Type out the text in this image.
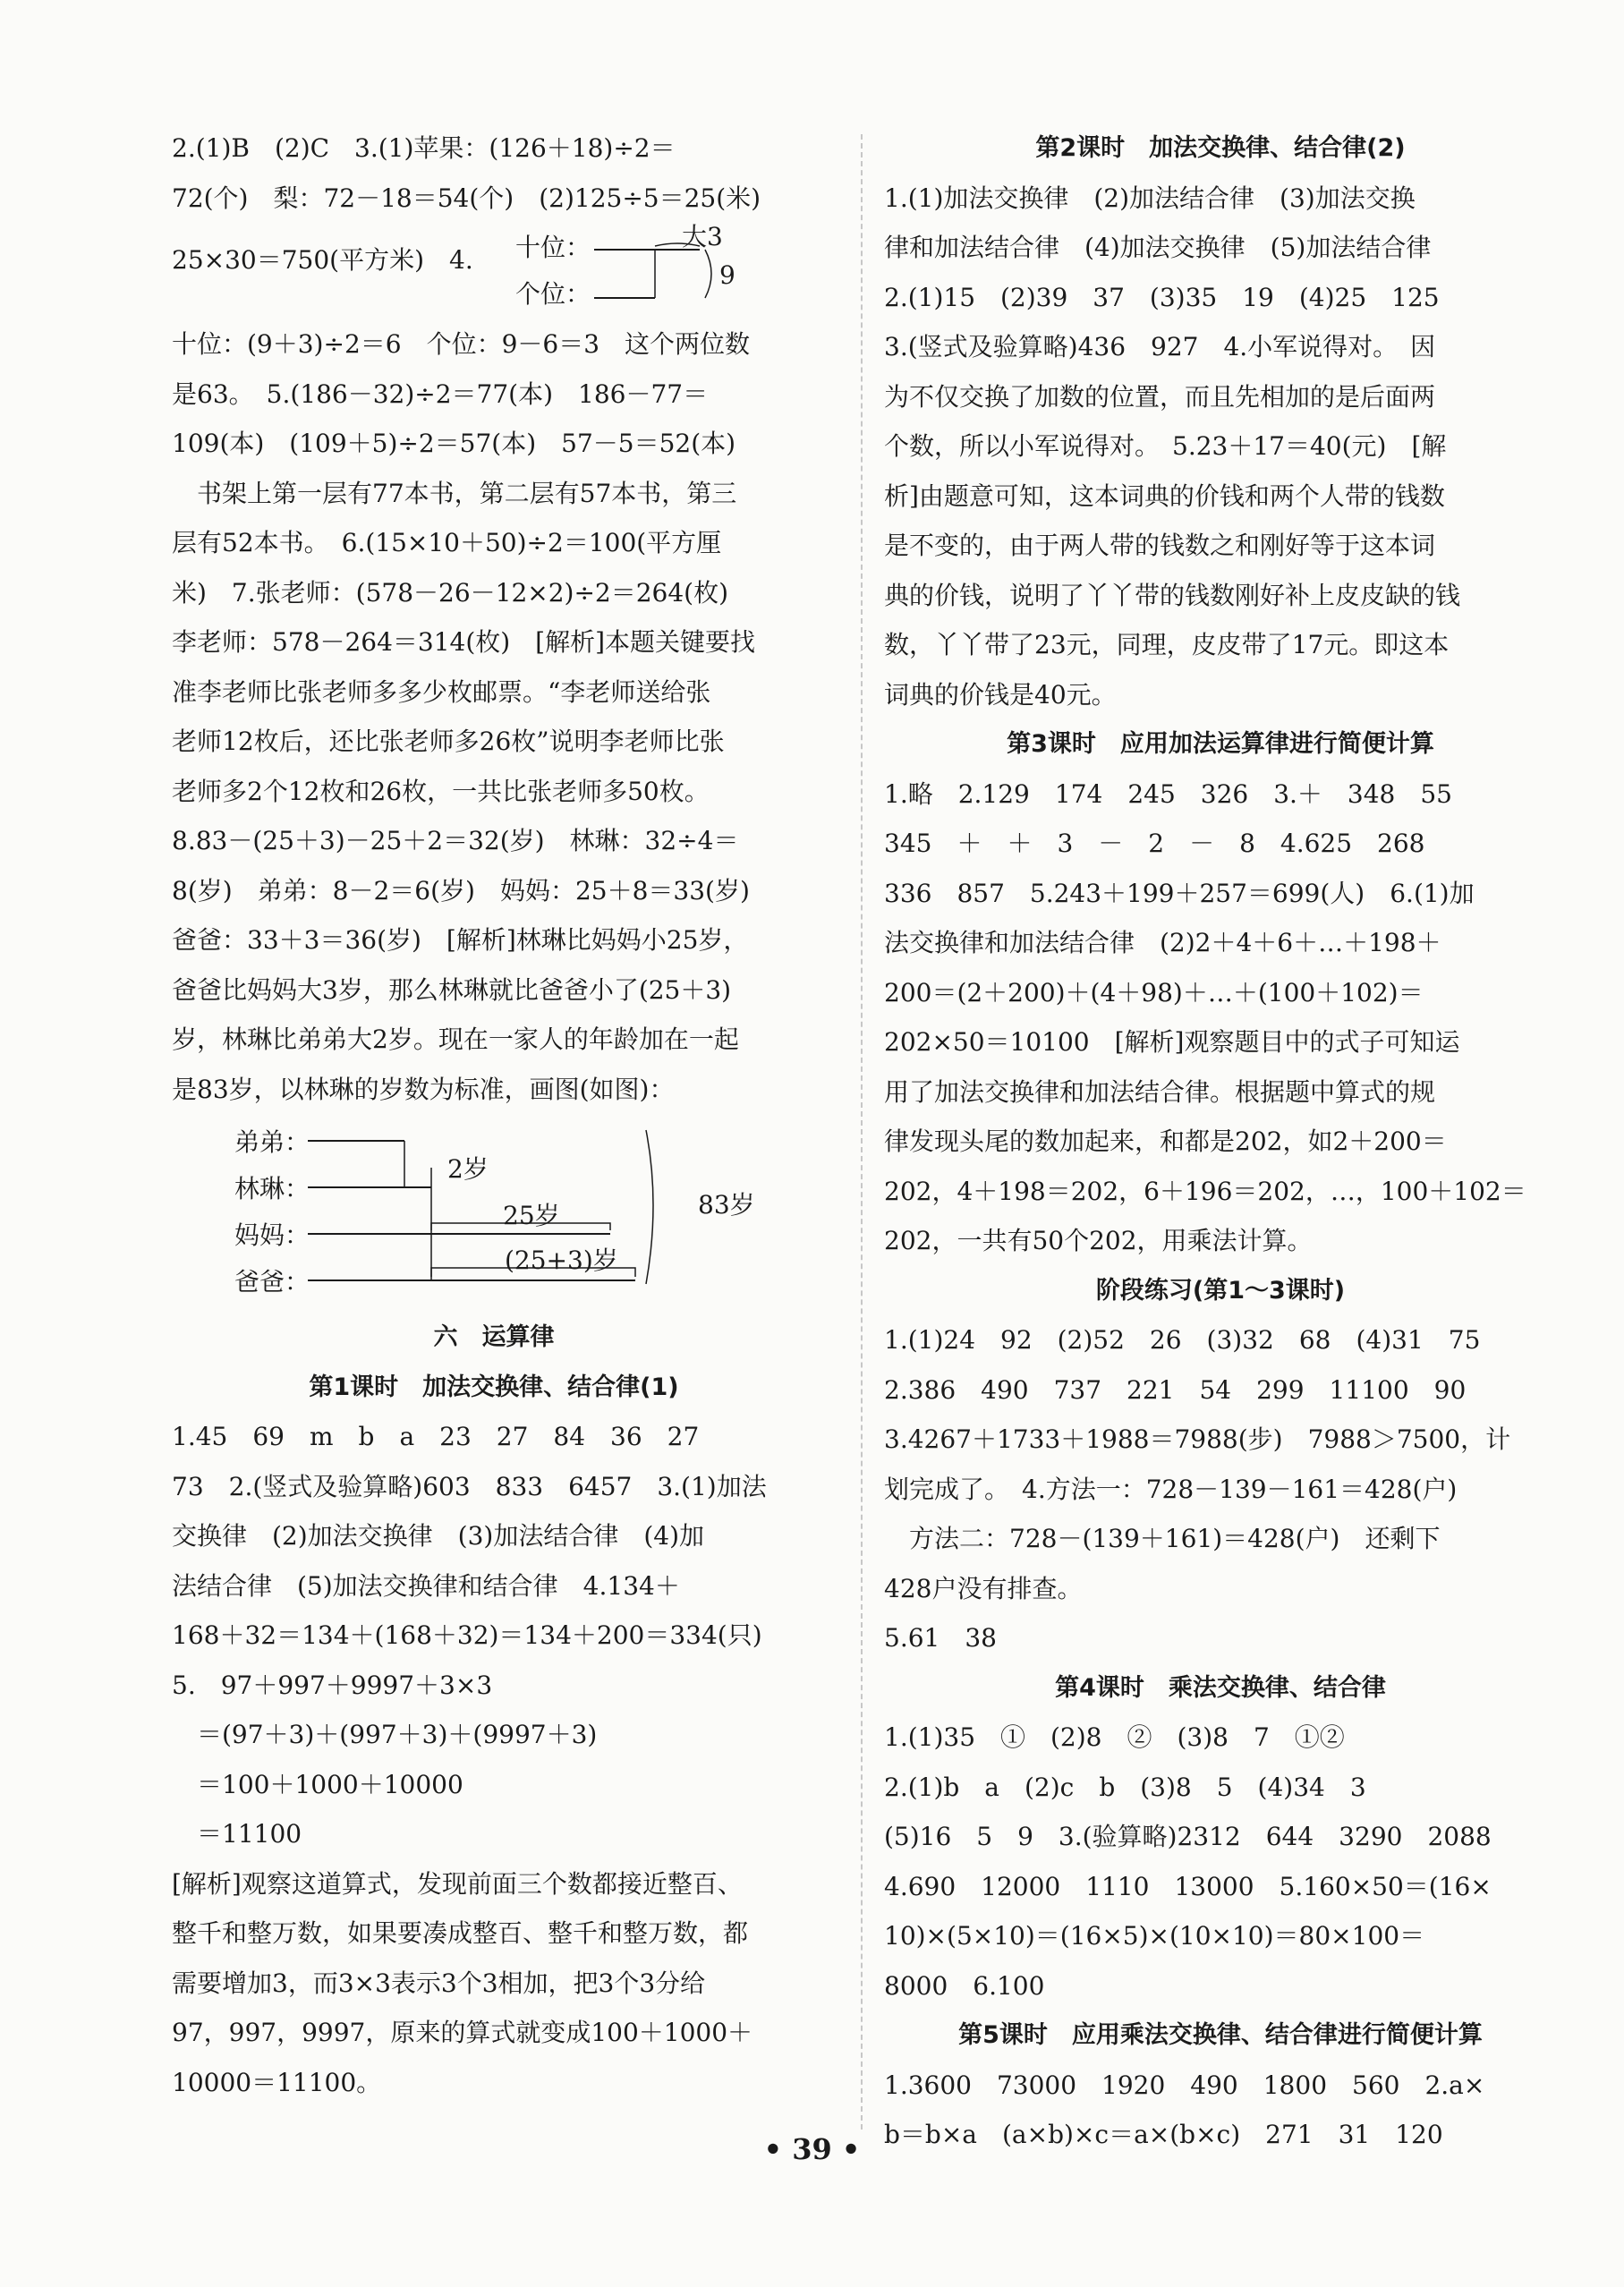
2.(1)B　(2)C　3.(1)苹果：(126＋18)÷2＝
72(个)　梨：72－18＝54(个)　(2)125÷5＝25(米)
25×30＝750(平方米)　4. 十位：
个位：
大3
9
十位：(9＋3)÷2＝6　个位：9－6＝3　这个两位数
是63。　5.(186－32)÷2＝77(本)　186－77＝
109(本)　(109＋5)÷2＝57(本)　57－5＝52(本)
　书架上第一层有77本书，第二层有57本书，第三
层有52本书。　6.(15×10＋50)÷2＝100(平方厘
米)　7.张老师：(578－26－12×2)÷2＝264(枚)
李老师：578－264＝314(枚)　[解析]本题关键要找
准李老师比张老师多多少枚邮票。“李老师送给张
老师12枚后，还比张老师多26枚”说明李老师比张
老师多2个12枚和26枚，一共比张老师多50枚。
8.83－(25＋3)－25＋2＝32(岁)　林琳：32÷4＝
8(岁)　弟弟：8－2＝6(岁)　妈妈：25＋8＝33(岁)
爸爸：33＋3＝36(岁)　[解析]林琳比妈妈小25岁，
爸爸比妈妈大3岁，那么林琳就比爸爸小了(25＋3)
岁，林琳比弟弟大2岁。现在一家人的年龄加在一起
是83岁，以林琳的岁数为标准，画图(如图)：
弟弟：
林琳：
妈妈：
爸爸：
2岁
25岁
(25+3)岁
83岁
六　运算律
第1课时　加法交换律、结合律(1)
1.45　69　m　b　a　23　27　84　36　27
73　2.(竖式及验算略)603　833　6457　3.(1)加法
交换律　(2)加法交换律　(3)加法结合律　(4)加
法结合律　(5)加法交换律和结合律　4.134＋
168＋32＝134＋(168＋32)＝134＋200＝334(只)
5.　97＋997＋9997＋3×3
　＝(97＋3)＋(997＋3)＋(9997＋3)
　＝100＋1000＋10000
　＝11100
[解析]观察这道算式，发现前面三个数都接近整百、
整千和整万数，如果要凑成整百、整千和整万数，都
需要增加3，而3×3表示3个3相加，把3个3分给
97，997，9997，原来的算式就变成100＋1000＋
10000＝11100。
第2课时　加法交换律、结合律(2)
1.(1)加法交换律　(2)加法结合律　(3)加法交换
律和加法结合律　(4)加法交换律　(5)加法结合律
2.(1)15　(2)39　37　(3)35　19　(4)25　125
3.(竖式及验算略)436　927　4.小军说得对。　因
为不仅交换了加数的位置，而且先相加的是后面两
个数，所以小军说得对。　5.23＋17＝40(元)　[解
析]由题意可知，这本词典的价钱和两个人带的钱数
是不变的，由于两人带的钱数之和刚好等于这本词
典的价钱，说明了丫丫带的钱数刚好补上皮皮缺的钱
数，丫丫带了23元，同理，皮皮带了17元。即这本
词典的价钱是40元。
第3课时　应用加法运算律进行简便计算
1.略　2.129　174　245　326　3.＋　348　55
345　＋　＋　3　－　2　－　8　4.625　268
336　857　5.243＋199＋257＝699(人)　6.(1)加
法交换律和加法结合律　(2)2＋4＋6＋…＋198＋
200＝(2＋200)＋(4＋98)＋…＋(100＋102)＝
202×50＝10100　[解析]观察题目中的式子可知运
用了加法交换律和加法结合律。根据题中算式的规
律发现头尾的数加起来，和都是202，如2＋200＝
202，4＋198＝202，6＋196＝202，…，100＋102＝
202，一共有50个202，用乘法计算。
阶段练习(第1～3课时)
1.(1)24　92　(2)52　26　(3)32　68　(4)31　75
2.386　490　737　221　54　299　11100　90
3.4267＋1733＋1988＝7988(步)　7988＞7500，计
划完成了。　4.方法一：728－139－161＝428(户)
　方法二：728－(139＋161)＝428(户)　还剩下
428户没有排查。
5.61　38
第4课时　乘法交换律、结合律
1.(1)35　①　(2)8　②　(3)8　7　①②
2.(1)b　a　(2)c　b　(3)8　5　(4)34　3
(5)16　5　9　3.(验算略)2312　644　3290　2088
4.690　12000　1110　13000　5.160×50＝(16×
10)×(5×10)＝(16×5)×(10×10)＝80×100＝
8000　6.100
第5课时　应用乘法交换律、结合律进行简便计算
1.3600　73000　1920　490　1800　560　2.a×
b＝b×a　(a×b)×c＝a×(b×c)　271　31　120
• 39 •
